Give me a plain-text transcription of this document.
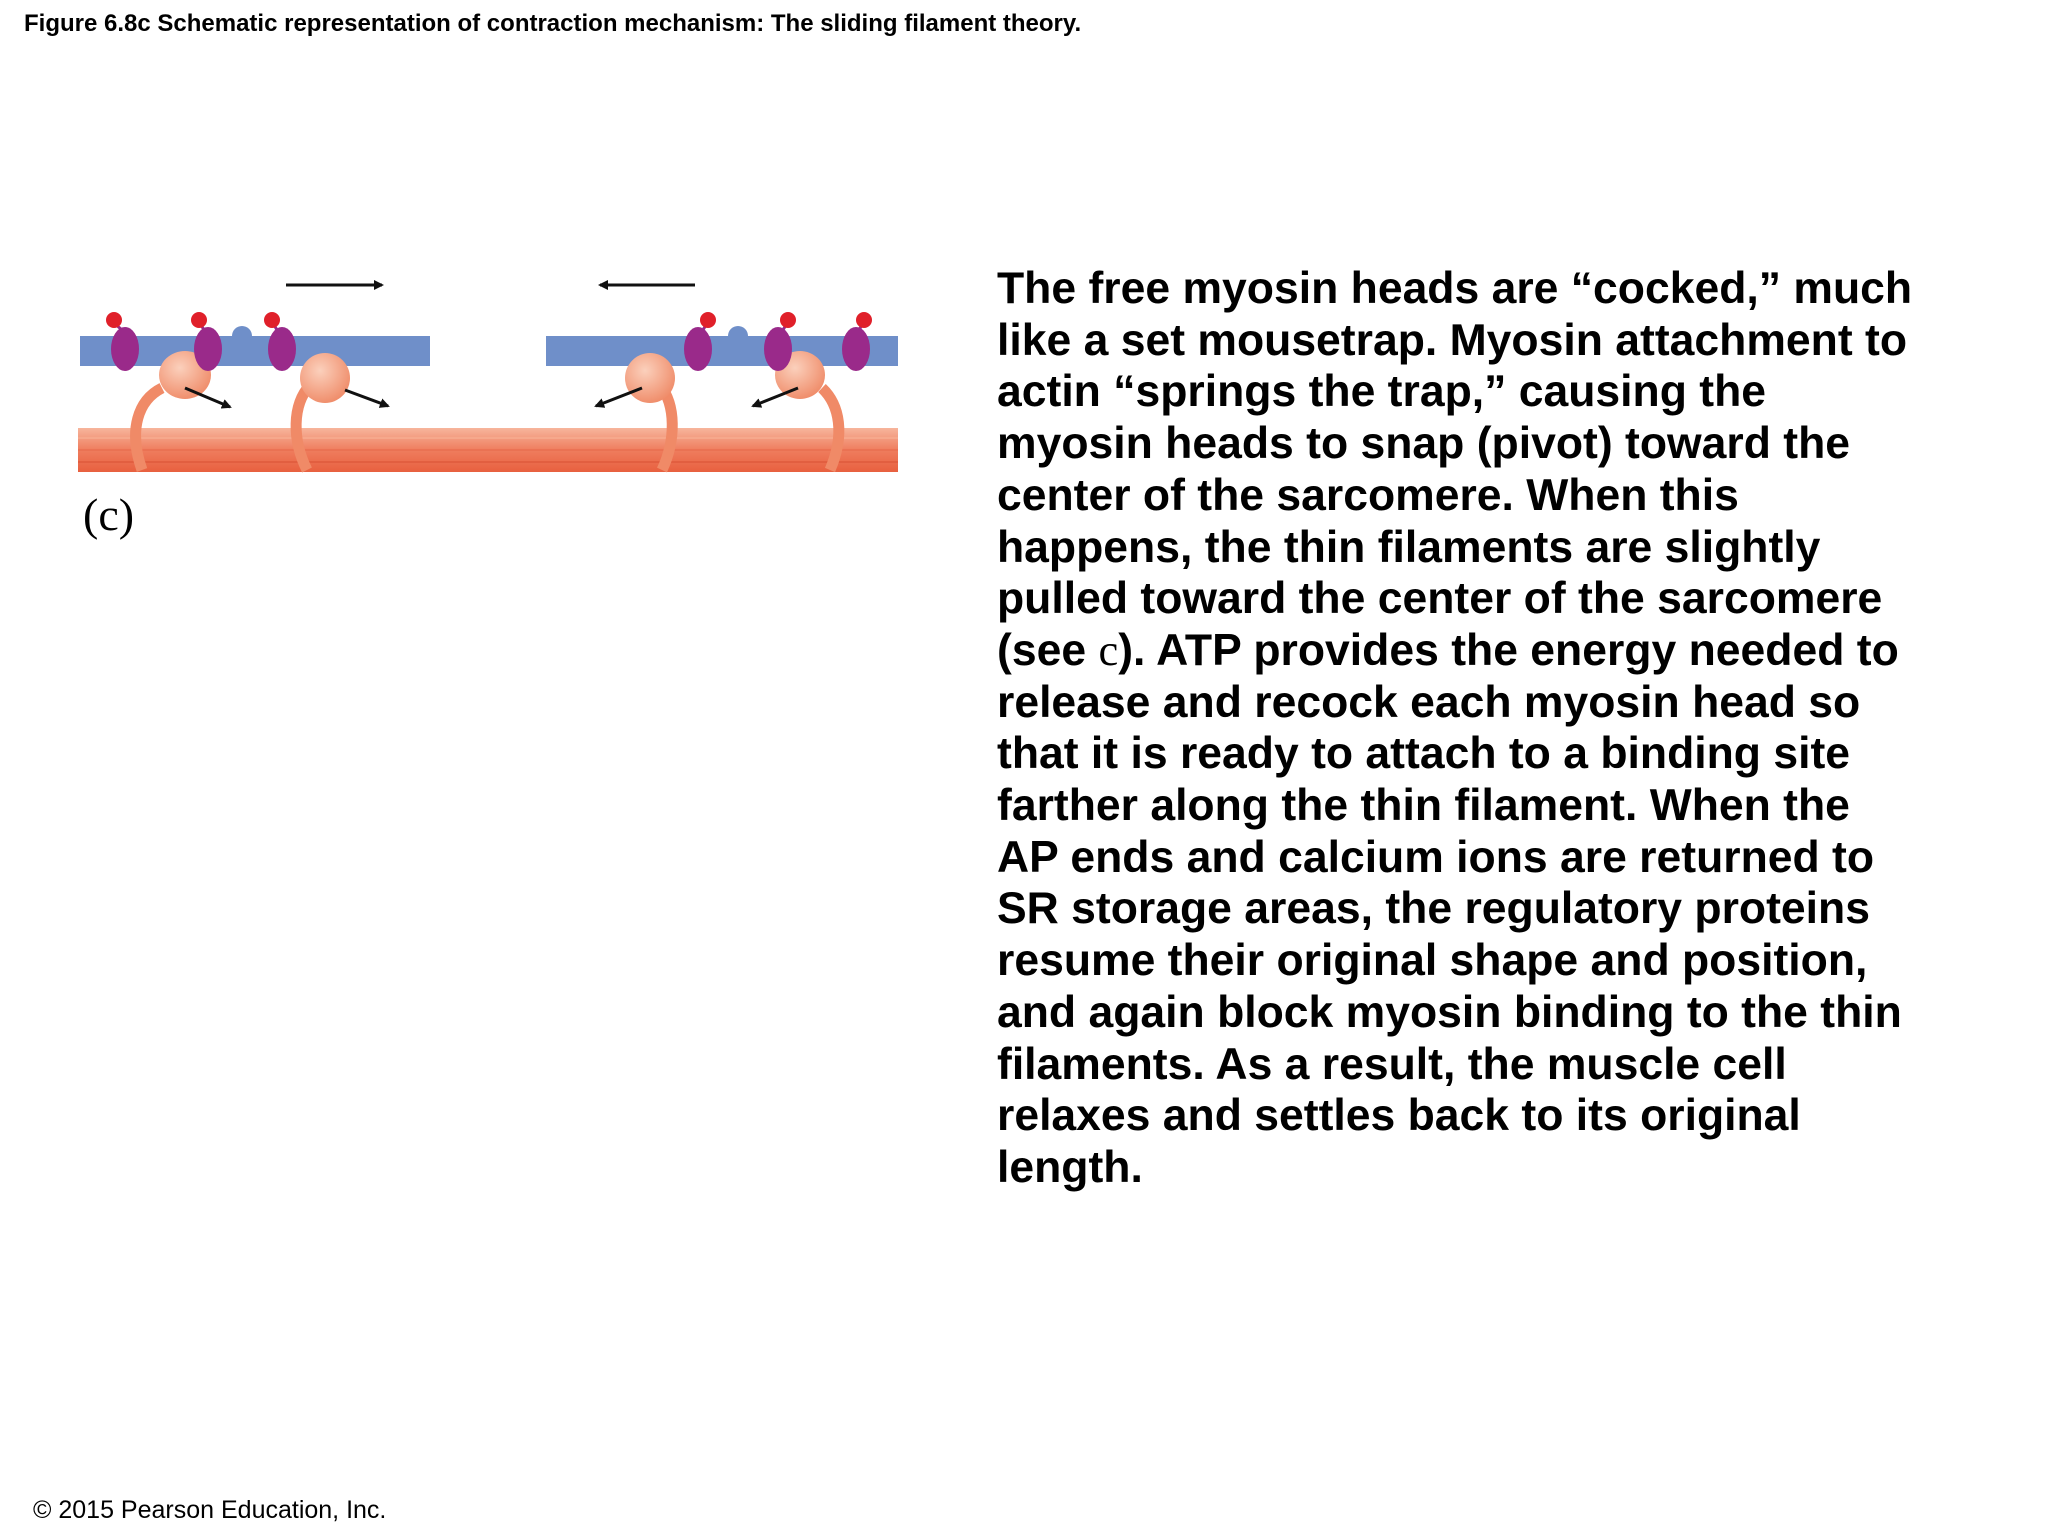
Figure 6.8c Schematic representation of contraction mechanism: The sliding filament theory.
(c)
The free myosin heads are “cocked,” much
like a set mousetrap. Myosin attachment to
actin “springs the trap,” causing the
myosin heads to snap (pivot) toward the
center of the sarcomere. When this
happens, the thin filaments are slightly
pulled toward the center of the sarcomere
(see c). ATP provides the energy needed to
release and recock each myosin head so
that it is ready to attach to a binding site
farther along the thin filament. When the
AP ends and calcium ions are returned to
SR storage areas, the regulatory proteins
resume their original shape and position,
and again block myosin binding to the thin
filaments. As a result, the muscle cell
relaxes and settles back to its original
length.
© 2015 Pearson Education, Inc.
